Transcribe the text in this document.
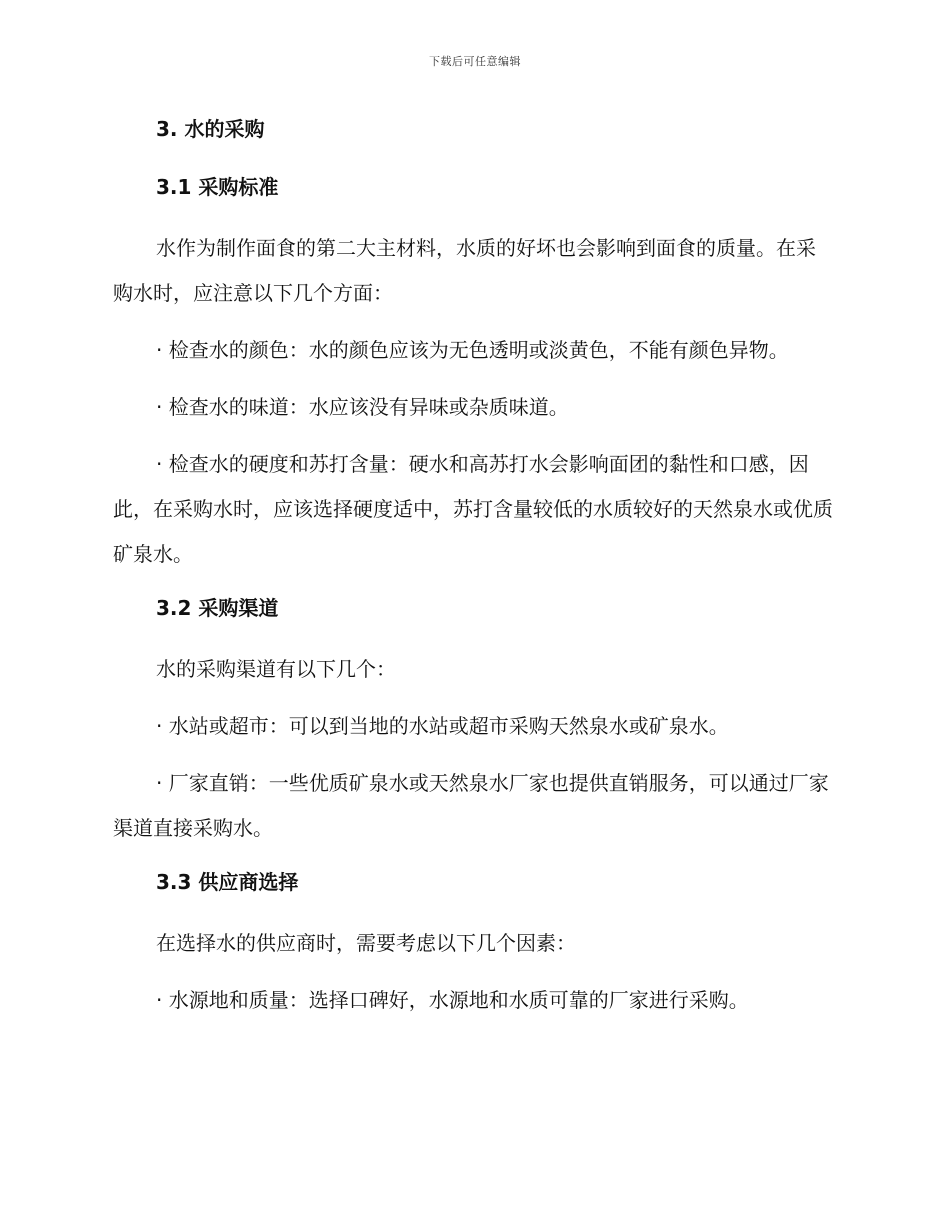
下载后可任意编辑
3. 水的采购
3.1 采购标准

水作为制作面食的第二大主材料，水质的好坏也会影响到面食的质量。在采购水时，应注意以下几个方面：

· 检查水的颜色：水的颜色应该为无色透明或淡黄色，不能有颜色异物。

· 检查水的味道：水应该没有异味或杂质味道。

· 检查水的硬度和苏打含量：硬水和高苏打水会影响面团的黏性和口感，因此，在采购水时，应该选择硬度适中，苏打含量较低的水质较好的天然泉水或优质矿泉水。

3.2 采购渠道

水的采购渠道有以下几个：

· 水站或超市：可以到当地的水站或超市采购天然泉水或矿泉水。

· 厂家直销：一些优质矿泉水或天然泉水厂家也提供直销服务，可以通过厂家渠道直接采购水。

3.3 供应商选择

在选择水的供应商时，需要考虑以下几个因素：

· 水源地和质量：选择口碑好，水源地和水质可靠的厂家进行采购。
